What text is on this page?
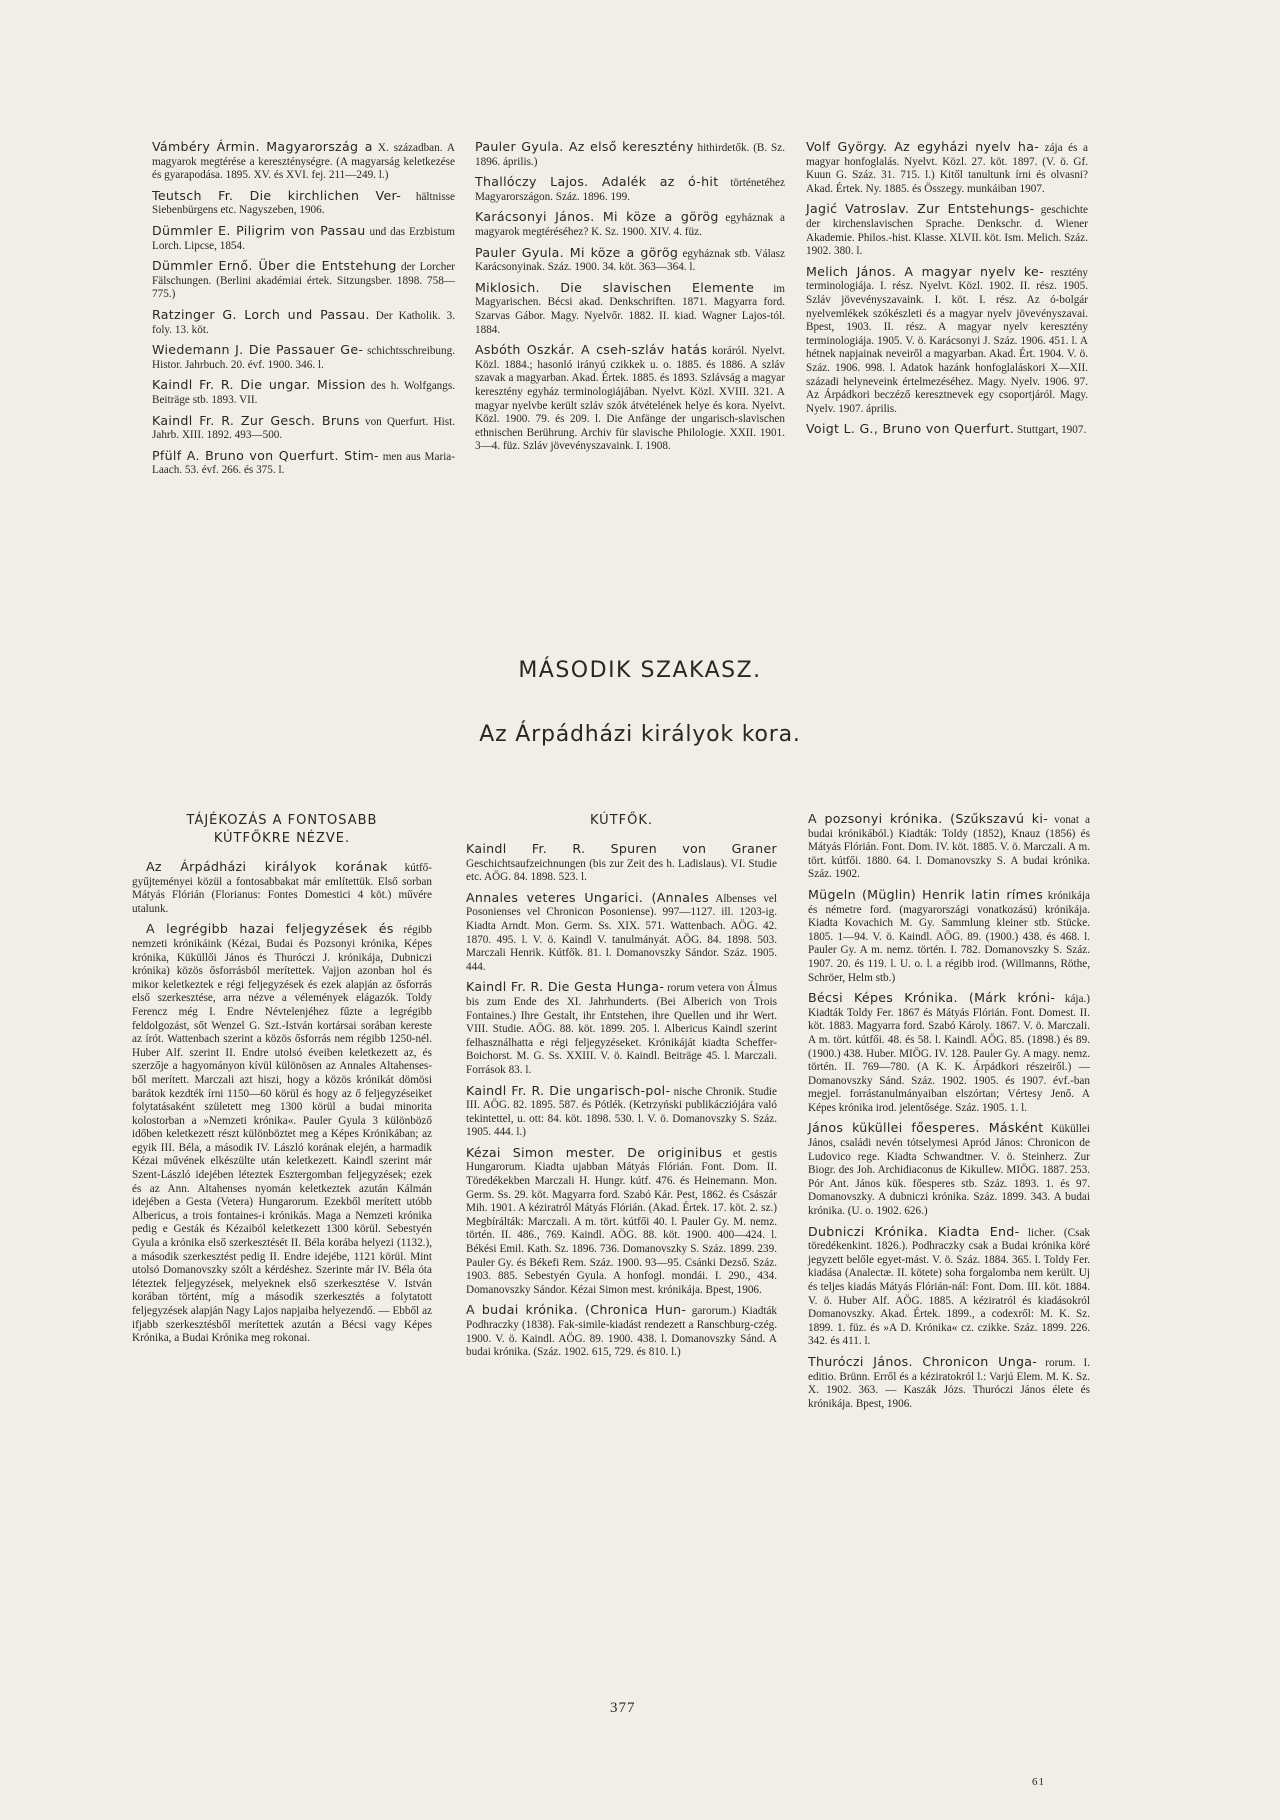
Vámbéry Ármin. Magyarország a X. században. A magyarok megtérése a kereszténységre. (A magyarság keletkezése és gyarapodása. 1895. XV. és XVI. fej. 211—249. l.)

Teutsch Fr. Die kirchlichen Ver- hältnisse Siebenbürgens etc. Nagyszeben, 1906.

Dümmler E. Piligrim von Passau und das Erzbistum Lorch. Lipcse, 1854.

Dümmler Ernő. Über die Entstehung der Lorcher Fälschungen. (Berlini akadémiai értek. Sitzungsber. 1898. 758—775.)

Ratzinger G. Lorch und Passau. Der Katholik. 3. foly. 13. köt.

Wiedemann J. Die Passauer Ge- schichtsschreibung. Histor. Jahrbuch. 20. évf. 1900. 346. l.

Kaindl Fr. R. Die ungar. Mission des h. Wolfgangs. Beiträge stb. 1893. VII.

Kaindl Fr. R. Zur Gesch. Bruns von Querfurt. Hist. Jahrb. XIII. 1892. 493—500.

Pfülf A. Bruno von Querfurt. Stim- men aus Maria-Laach. 53. évf. 266. és 375. l.

Pauler Gyula. Az első keresztény hithirdetők. (B. Sz. 1896. április.)

Thallóczy Lajos. Adalék az ó-hit történetéhez Magyarországon. Száz. 1896. 199.

Karácsonyi János. Mi köze a görög egyháznak a magyarok megtéréséhez? K. Sz. 1900. XIV. 4. füz.

Pauler Gyula. Mi köze a görög egyháznak stb. Válasz Karácsonyinak. Száz. 1900. 34. köt. 363—364. l.

Miklosich. Die slavischen Elemente im Magyarischen. Bécsi akad. Denkschriften. 1871. Magyarra ford. Szarvas Gábor. Magy. Nyelvőr. 1882. II. kiad. Wagner Lajos-tól. 1884.

Asbóth Oszkár. A cseh-szláv hatás koráról. Nyelvt. Közl. 1884.; hasonló irányú czikkek u. o. 1885. és 1886. A szláv szavak a magyarban. Akad. Értek. 1885. és 1893. Szlávság a magyar keresztény egyház terminologiájában. Nyelvt. Közl. XVIII. 321. A magyar nyelvbe került szláv szók átvételének helye és kora. Nyelvt. Közl. 1900. 79. és 209. l. Die Anfänge der ungarisch-slavischen ethnischen Berührung. Archiv für slavische Philologie. XXII. 1901. 3—4. füz. Szláv jövevényszavaink. I. 1908.

Volf György. Az egyházi nyelv ha- zája és a magyar honfoglalás. Nyelvt. Közl. 27. köt. 1897. (V. ö. Gf. Kuun G. Száz. 31. 715. l.) Kitől tanultunk írni és olvasni? Akad. Értek. Ny. 1885. és Összegy. munkáiban 1907.

Jagić Vatroslav. Zur Entstehungs- geschichte der kirchenslavischen Sprache. Denkschr. d. Wiener Akademie. Philos.-hist. Klasse. XLVII. köt. Ism. Melich. Száz. 1902. 380. l.

Melich János. A magyar nyelv ke- resztény terminologiája. I. rész. Nyelvt. Közl. 1902. II. rész. 1905. Szláv jövevényszavaink. I. köt. I. rész. Az ó-bolgár nyelvemlékek szókészleti és a magyar nyelv jövevényszavai. Bpest, 1903. II. rész. A magyar nyelv keresztény terminologiája. 1905. V. ö. Karácsonyi J. Száz. 1906. 451. l. A hétnek napjainak neveiről a magyarban. Akad. Ért. 1904. V. ö. Száz. 1906. 998. l. Adatok hazánk honfoglaláskori X—XII. századi helyneveink értelmezéséhez. Magy. Nyelv. 1906. 97. Az Árpádkori beczéző keresztnevek egy csoportjáról. Magy. Nyelv. 1907. április.

Voigt L. G., Bruno von Querfurt. Stuttgart, 1907.

MÁSODIK SZAKASZ.
Az Árpádházi királyok kora.
TÁJÉKOZÁS A FONTOSABB
KÚTFŐKRE NÉZVE.

Az Árpádházi királyok korának kútfő-gyűjteményei közül a fontosabbakat már említettük. Első sorban Mátyás Flórián (Florianus: Fontes Domestici 4 köt.) művére utalunk.

A legrégibb hazai feljegyzések és régibb nemzeti krónikáink (Kézai, Budai és Pozsonyi krónika, Képes krónika, Küküllői János és Thuróczi J. krónikája, Dubniczi krónika) közös ősforrásból merítettek. Vajjon azonban hol és mikor keletkeztek e régi feljegyzések és ezek alapján az ősforrás első szerkesztése, arra nézve a vélemények elágazók. Toldy Ferencz még I. Endre Névtelenjéhez fűzte a legrégibb feldolgozást, sőt Wenzel G. Szt.-István kortársai sorában kereste az írót. Wattenbach szerint a közös ősforrás nem régibb 1250-nél. Huber Alf. szerint II. Endre utolsó éveiben keletkezett az, és szerzője a hagyományon kívül különösen az Annales Altahenses-ből merített. Marczali azt hiszi, hogy a közös krónikát dömösi barátok kezdték írni 1150—60 körül és hogy az ő feljegyzéseiket folytatásaként született meg 1300 körül a budai minorita kolostorban a »Nemzeti krónika«. Pauler Gyula 3 különböző időben keletkezett részt különböztet meg a Képes Krónikában; az egyik III. Béla, a második IV. László korának elején, a harmadik Kézai művének elkészülte után keletkezett. Kaindl szerint már Szent-László idejében léteztek Esztergomban feljegyzések; ezek és az Ann. Altahenses nyomán keletkeztek azután Kálmán idejében a Gesta (Vetera) Hungarorum. Ezekből merített utóbb Albericus, a trois fontaines-i krónikás. Maga a Nemzeti krónika pedig e Gesták és Kézaiból keletkezett 1300 körül. Sebestyén Gyula a krónika első szerkesztését II. Béla korába helyezi (1132.), a második szerkesztést pedig II. Endre idejébe, 1121 körül. Mint utolsó Domanovszky szólt a kérdéshez. Szerinte már IV. Béla óta léteztek feljegyzések, melyeknek első szerkesztése V. István korában történt, míg a második szerkesztés a folytatott feljegyzések alapján Nagy Lajos napjaiba helyezendő. — Ebből az ifjabb szerkesztésből merítettek azután a Bécsi vagy Képes Krónika, a Budai Krónika meg rokonai.

KÚTFŐK.

Kaindl Fr. R. Spuren von Graner Geschichtsaufzeichnungen (bis zur Zeit des h. Ladislaus). VI. Studie etc. AÖG. 84. 1898. 523. l.

Annales veteres Ungarici. (Annales Albenses vel Posonienses vel Chronicon Posoniense). 997—1127. ill. 1203-ig. Kiadta Arndt. Mon. Germ. Ss. XIX. 571. Wattenbach. AÖG. 42. 1870. 495. l. V. ö. Kaindl V. tanulmányát. AÖG. 84. 1898. 503. Marczali Henrik. Kútfők. 81. l. Domanovszky Sándor. Száz. 1905. 444.

Kaindl Fr. R. Die Gesta Hunga- rorum vetera von Álmus bis zum Ende des XI. Jahrhunderts. (Bei Alberich von Trois Fontaines.) Ihre Gestalt, ihr Entstehen, ihre Quellen und ihr Wert. VIII. Studie. AÖG. 88. köt. 1899. 205. l. Albericus Kaindl szerint felhasználhatta e régi feljegyzéseket. Krónikáját kiadta Scheffer-Boichorst. M. G. Ss. XXIII. V. ö. Kaindl. Beiträge 45. l. Marczali. Források 83. l.

Kaindl Fr. R. Die ungarisch-pol- nische Chronik. Studie III. AÖG. 82. 1895. 587. és Pótlék. (Ketrzyński publikácziójára való tekintettel, u. ott: 84. köt. 1898. 530. l. V. ö. Domanovszky S. Száz. 1905. 444. l.)

Kézai Simon mester. De originibus et gestis Hungarorum. Kiadta ujabban Mátyás Flórián. Font. Dom. II. Töredékekben Marczali H. Hungr. kútf. 476. és Heinemann. Mon. Germ. Ss. 29. köt. Magyarra ford. Szabó Kár. Pest, 1862. és Császár Mih. 1901. A kéziratról Mátyás Flórián. (Akad. Értek. 17. köt. 2. sz.) Megbírálták: Marczali. A m. tört. kútfői 40. l. Pauler Gy. M. nemz. történ. II. 486., 769. Kaindl. AÖG. 88. köt. 1900. 400—424. l. Békési Emil. Kath. Sz. 1896. 736. Domanovszky S. Száz. 1899. 239. Pauler Gy. és Békefi Rem. Száz. 1900. 93—95. Csánki Dezső. Száz. 1903. 885. Sebestyén Gyula. A honfogl. mondái. I. 290., 434. Domanovszky Sándor. Kézai Simon mest. krónikája. Bpest, 1906.

A budai krónika. (Chronica Hun- garorum.) Kiadták Podhraczky (1838). Fak-simile-kiadást rendezett a Ranschburg-czég. 1900. V. ö. Kaindl. AÖG. 89. 1900. 438. l. Domanovszky Sánd. A budai krónika. (Száz. 1902. 615, 729. és 810. l.)

A pozsonyi krónika. (Szűkszavú ki- vonat a budai krónikából.) Kiadták: Toldy (1852), Knauz (1856) és Mátyás Flórián. Font. Dom. IV. köt. 1885. V. ö. Marczali. A m. tört. kútfői. 1880. 64. l. Domanovszky S. A budai krónika. Száz. 1902.

Mügeln (Müglin) Henrik latin rímes krónikája és németre ford. (magyarországi vonatkozású) krónikája. Kiadta Kovachich M. Gy. Sammlung kleiner stb. Stücke. 1805. 1—94. V. ö. Kaindl. AÖG. 89. (1900.) 438. és 468. l. Pauler Gy. A m. nemz. történ. I. 782. Domanovszky S. Száz. 1907. 20. és 119. l. U. o. l. a régibb irod. (Willmanns, Röthe, Schröer, Helm stb.)

Bécsi Képes Krónika. (Márk króni- kája.) Kiadták Toldy Fer. 1867 és Mátyás Flórián. Font. Domest. II. köt. 1883. Magyarra ford. Szabó Károly. 1867. V. ö. Marczali. A m. tört. kútfői. 48. és 58. l. Kaindl. AÖG. 85. (1898.) és 89. (1900.) 438. Huber. MIÖG. IV. 128. Pauler Gy. A magy. nemz. történ. II. 769—780. (A K. K. Árpádkori részeiről.) — Domanovszky Sánd. Száz. 1902. 1905. és 1907. évf.-ban megjel. forrástanulmányaiban elszórtan; Vértesy Jenő. A Képes krónika irod. jelentősége. Száz. 1905. 1. l.

János küküllei főesperes. Másként Küküllei János, családi nevén tótselymesi Apród János: Chronicon de Ludovico rege. Kiadta Schwandtner. V. ö. Steinherz. Zur Biogr. des Joh. Archidiaconus de Kikullew. MIÖG. 1887. 253. Pór Ant. János kük. főesperes stb. Száz. 1893. 1. és 97. Domanovszky. A dubniczi krónika. Száz. 1899. 343. A budai krónika. (U. o. 1902. 626.)

Dubniczi Krónika. Kiadta End- licher. (Csak töredékenkint. 1826.). Podhraczky csak a Budai krónika köré jegyzett belőle egyet-mást. V. ö. Száz. 1884. 365. l. Toldy Fer. kiadása (Analectæ. II. kötete) soha forgalomba nem került. Uj és teljes kiadás Mátyás Flórián-nál: Font. Dom. III. köt. 1884. V. ö. Huber Alf. AÖG. 1885. A kéziratról és kiadásokról Domanovszky. Akad. Értek. 1899., a codexről: M. K. Sz. 1899. 1. füz. és »A D. Krónika« cz. czikke. Száz. 1899. 226. 342. és 411. l.

Thuróczi János. Chronicon Unga- rorum. I. editio. Brünn. Erről és a kéziratokról l.: Varjú Elem. M. K. Sz. X. 1902. 363. — Kaszák Józs. Thuróczi János élete és krónikája. Bpest, 1906.

377
61
